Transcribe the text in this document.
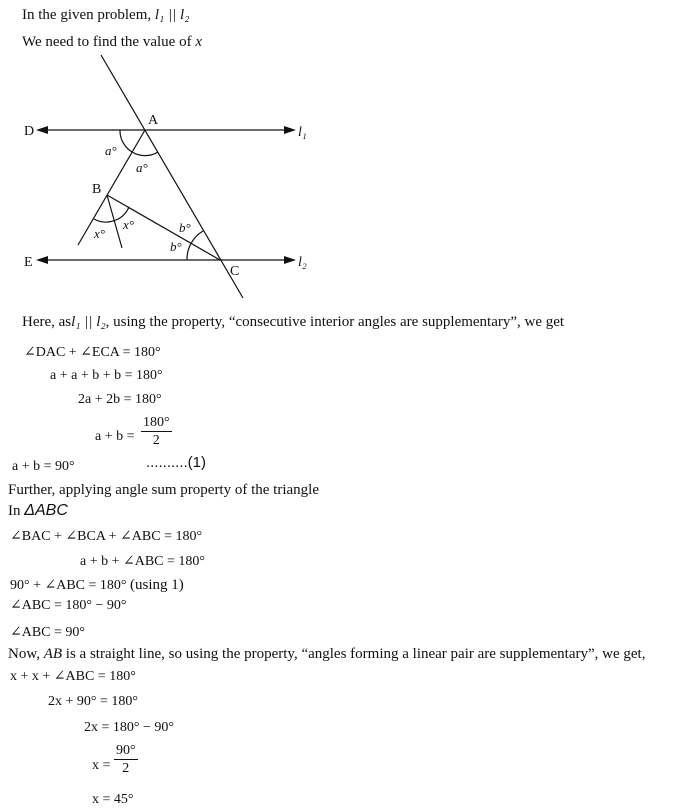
In the given problem, l₁ || l₂
We need to find the value of x
A
B
C
D
E
l₁
l₂
a°
a°
x°
x°	b°
b°
Here, asl₁ || l₂, using the property, “consecutive interior angles are supplementary”, we get
∠DAC + ∠ECA = 180°
a + a + b + b = 180°
2a + 2b = 180°
$a + b = \frac{180^\circ}{2}$
a + b = 90°	..........(1)
Further, applying angle sum property of the triangle
In ΔABC
∠BAC + ∠BCA + ∠ABC = 180°
a + b + ∠ABC = 180°
90° + ∠ABC = 180° (using 1)
∠ABC = 180° − 90°
∠ABC = 90°
Now, AB is a straight line, so using the property, “angles forming a linear pair are supplementary”, we get,
x + x + ∠ABC = 180°
2x + 90° = 180°
2x = 180° − 90°
$x = \frac{90^\circ}{2}$
x = 45°
